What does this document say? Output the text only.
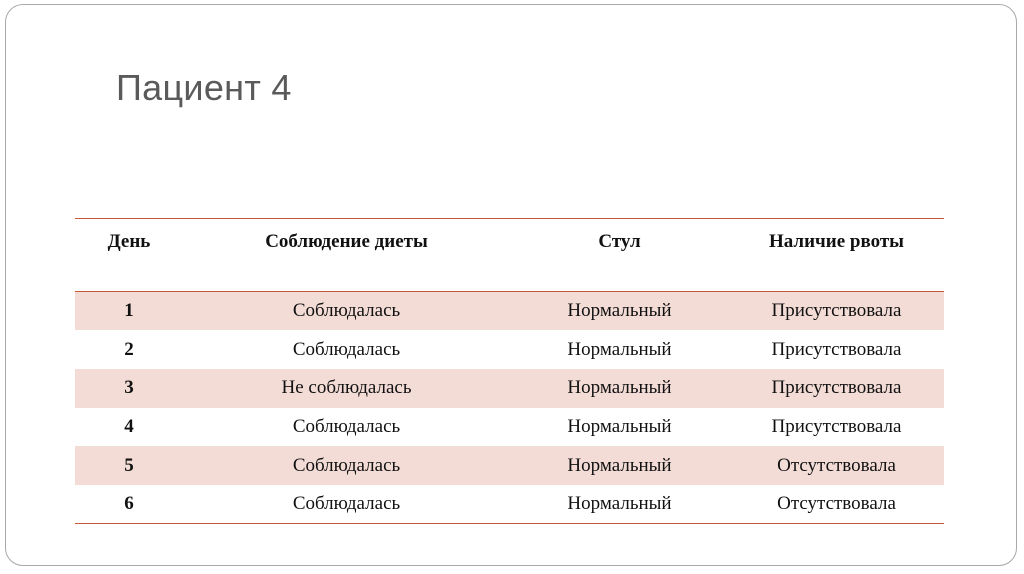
Пациент 4
День	Соблюдение диеты	Стул	Наличие рвоты
1	Соблюдалась	Нормальный	Присутствовала
2	Соблюдалась	Нормальный	Присутствовала
3	Не соблюдалась	Нормальный	Присутствовала
4	Соблюдалась	Нормальный	Присутствовала
5	Соблюдалась	Нормальный	Отсутствовала
6	Соблюдалась	Нормальный	Отсутствовала
